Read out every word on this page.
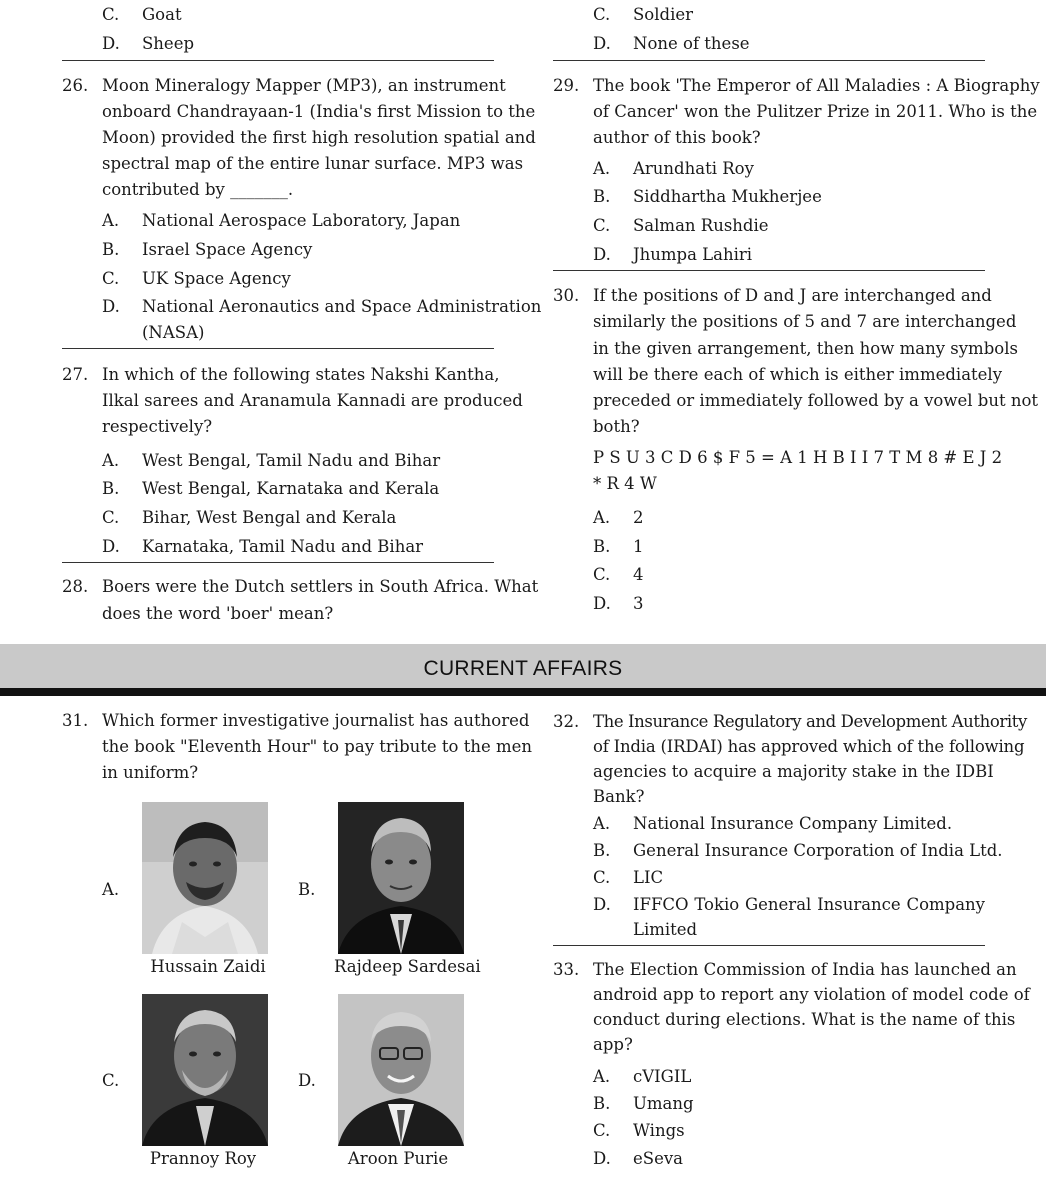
C. Goat
D. Sheep
26. Moon Mineralogy Mapper (MP3), an instrument
onboard Chandrayaan-1 (India's first Mission to the
Moon) provided the first high resolution spatial and
spectral map of the entire lunar surface. MP3 was
contributed by _______.
A. National Aerospace Laboratory, Japan
B. Israel Space Agency
C. UK Space Agency
D. National Aeronautics and Space Administration
(NASA)
27. In which of the following states Nakshi Kantha,
Ilkal sarees and Aranamula Kannadi are produced
respectively?
A. West Bengal, Tamil Nadu and Bihar
B. West Bengal, Karnataka and Kerala
C. Bihar, West Bengal and Kerala
D. Karnataka, Tamil Nadu and Bihar
28. Boers were the Dutch settlers in South Africa. What
does the word 'boer' mean?
C. Soldier
D. None of these
29. The book 'The Emperor of All Maladies : A Biography
of Cancer' won the Pulitzer Prize in 2011. Who is the
author of this book?
A. Arundhati Roy
B. Siddhartha Mukherjee
C. Salman Rushdie
D. Jhumpa Lahiri
30. If the positions of D and J are interchanged and
similarly the positions of 5 and 7 are interchanged
in the given arrangement, then how many symbols
will be there each of which is either immediately
preceded or immediately followed by a vowel but not
both?
P S U 3 C D 6 $ F 5 = A 1 H B I I 7 T M 8 # E J 2
* R 4 W
A. 2
B. 1
C. 4
D. 3
CURRENT AFFAIRS
31. Which former investigative journalist has authored
the book "Eleventh Hour" to pay tribute to the men
in uniform?
A.
Hussain Zaidi
B.
Rajdeep Sardesai
C.
Prannoy Roy
D.
Aroon Purie
32. The Insurance Regulatory and Development Authority
of India (IRDAI) has approved which of the following
agencies to acquire a majority stake in the IDBI
Bank?
A. National Insurance Company Limited.
B. General Insurance Corporation of India Ltd.
C. LIC
D. IFFCO Tokio General Insurance Company
Limited
33. The Election Commission of India has launched an
android app to report any violation of model code of
conduct during elections. What is the name of this
app?
A. cVIGIL
B. Umang
C. Wings
D. eSeva
